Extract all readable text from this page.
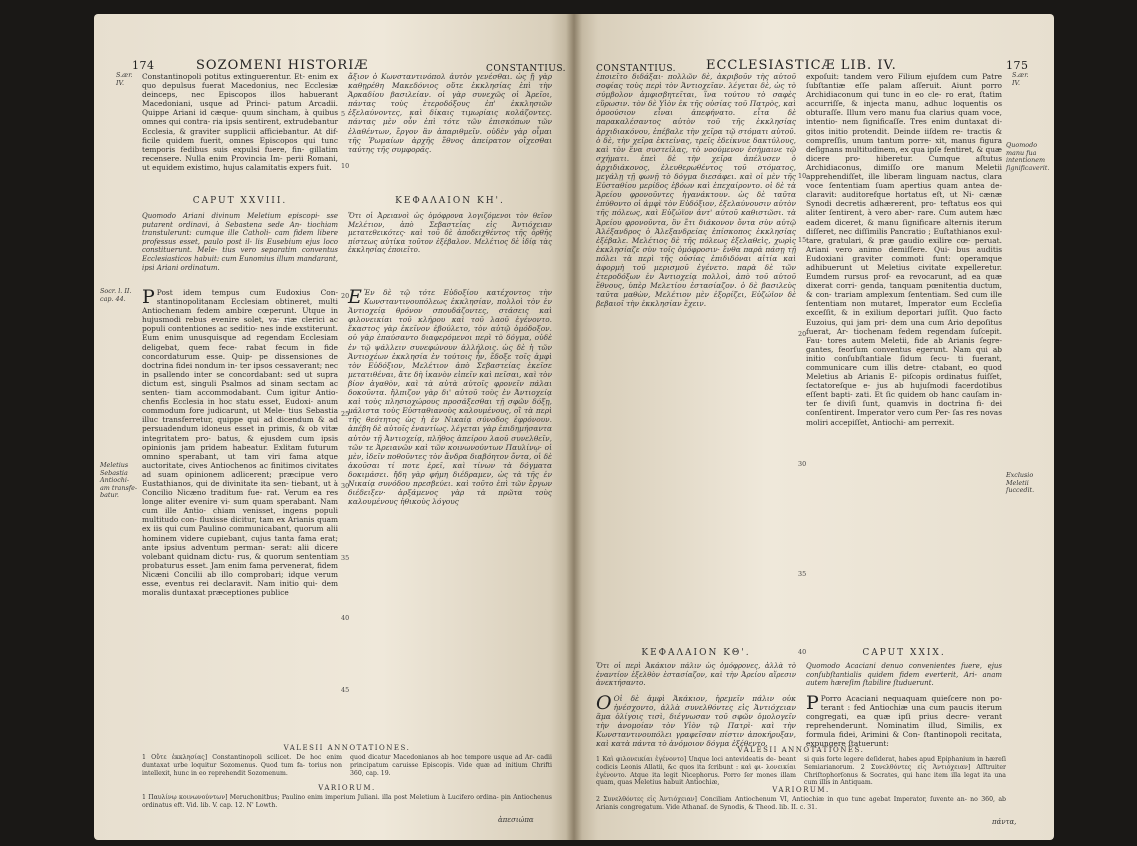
174	SOZOMENI HISTORIÆ	CONSTANTIUS.
S.ær.
IV.
Constantinopoli potitus extinguerentur. Et- enim ex quo depulsus fuerat Macedonius, nec Ecclesiæ deinceps, nec Episcopos illos habuerant Macedoniani, usque ad Princi- patum Arcadii. Quippe Ariani id cæque- quum sincham, à quibus omnes qui contra- ria ipsis sentirent, extrudebantur Ecclesia, & graviter supplicii afficiebantur. At dif- ficile quidem fuerit, omnes Episcopos qui tunc temporis fedibus suis expulsi fuere, fin- gillatim recensere. Nulla enim Provincia Im- perii Romani, ut equidem existimo, hujus calamitatis expers fuit.
ἄξιον ὁ Κωνσταντινόπολ ἀυτὸν γενέσθαι. ὡς ᾔ γὰρ καθῃρέθη Μακεδόνιος οὔτε ἐκκλησίας ἐπὶ τὴν Ἀρκαδίου βασιλείαν. οἱ γὰρ συνεχῶς οἱ Ἀρεῖοι, πάντας τοὺς ἑτεροδόξους ἐπ' ἐκκλησιῶν ἐξελαύνοντες, καὶ δίκαις τιμωρίαις κολάζοντες. πάντας μὲν οὖν ἐπὶ τότε τῶν ἐπισκόπων τῶν ἐλαθέντων, ἔργον ἂν ἀπαριθμεῖν. οὐδὲν γὰρ οἶμαι τῆς Ῥωμαίων ἀρχῆς ἔθνος ἀπείρατον οἴχεσθαι ταύτης τῆς συμφορᾶς.
5
10
CAPUT XXVIII.	ΚΕΦΑΛΑΙΟΝ ΚΗ'.
Quomodo Ariani divinum Meletium episcopi- sse putarent ordinavi, à Sebastena sede An- tiochiam transtulerunt: cumque ille Catholi- cam fidem libere professus esset, paulo post il- lis Eusebium ejus loco constituerunt. Mele- tius vero separatim conventus Ecclesiasticos habuit: cum Eunomius illum mandarant, ipsi Ariani ordinatum.
Ὅτι οἱ Ἀρειανοὶ ὡς ὁμόφρονα λογιζόμενοι τὸν θεῖον Μελέτιον, ἀπὸ Σεβαστείας εἰς Ἀντιόχειαν μετατεθεικότες· καὶ τοῦ δὲ ἀποδειχθέντος τῆς ὀρθῆς πίστεως αὐτίκα τοῦτον ἐξέβαλον. Μελέτιος δὲ ἰδίᾳ τὰς ἐκκλησίας ἐποιεῖτο.
Socr. l. II. cap. 44.
Meletius Sebastia Antiochi- am transfe- batur.
P Post idem tempus cum Eudoxius Con- stantinopolitanam Ecclesiam obtineret, multi Antiochenam fedem ambire cœperunt. Utque in hujusmodi rebus evenire solet, va- riæ clerici ac populi contentiones ac seditio- nes inde exstiterunt. Eum enim unusquisque ad regendam Ecclesiam deligebat, quem fece- rabat fecum in fide concordaturum esse. Quip- pe dissensiones de doctrina fidei nondum in- ter ipsos cessaverant; nec in psallendo inter se concordabant: sed ut supra dictum est, singuli Psalmos ad sinam sectam ac senten- tiam accommodabant. Cum igitur Antio- chenfis Ecclesia in hoc statu esset, Eudoxi- anum commodum fore judicarunt, ut Mele- tius Sebastia illuc transferretur, quippe qui ad dicendum & ad persuadendum idoneus esset in primis, & ob vitæ integritatem pro- batus, & ejusdem cum ipsis opinionis jam pridem habeatur. Exlitam futurum omnino sperabant, ut tam viri fama atque auctoritate, cives Antiochenos ac finitimos civitates ad suam opinionem adlicerent; præcipue vero Eustathianos, qui de divinitate ita sen- tiebant, ut à Concilio Nicæno traditum fue- rat. Verum ea res longe aliter evenire vi- sum quam sperabant. Nam cum ille Antio- chiam venisset, ingens populi multitudo con- fluxisse dicitur, tam ex Arianis quam ex iis qui cum Paulino communicabant, quorum alii hominem videre cupiebant, cujus tanta fama erat; ante ipsius adventum perman- serat: alii dicere volebant quidnam dictu- rus, & quorum sententiam probaturus esset. Jam enim fama pervenerat, fidem Nicæni Concilii ab illo comprobari; idque verum esse, eventus rei declaravit. Nam initio qui- dem moralis duntaxat præceptiones publice
E Ἐν δὲ τῷ τότε Εὐδοξίου κατέχοντος τὴν Κωνσταντινουπόλεως ἐκκλησίαν, πολλοὶ τὸν ἐν Ἀντιοχείᾳ θρόνον σπουδάζοντες, στάσεις καὶ φιλονεικίαι τοῦ κλήρου καὶ τοῦ λαοῦ ἐγένοντο. ἕκαστος γὰρ ἐκεῖνον ἐβούλετο, τὸν αὐτῷ ὁμόδοξον. οὐ γὰρ ἐπαύσαντο διαφερόμενοι περὶ τὸ δόγμα, οὐδὲ ἐν τῷ ψάλλειν συνεφώνουν ἀλλήλοις. ὡς δὲ ἡ τῶν Ἀντιοχέων ἐκκλησία ἐν τούτοις ἦν, ἔδοξε τοῖς ἀμφὶ τὸν Εὐδόξιον, Μελέτιον ἀπὸ Σεβαστείας ἐκεῖσε μετατιθέναι, ἅτε δὴ ἱκανὸν εἰπεῖν καὶ πεῖσαι, καὶ τὸν βίον ἀγαθὸν, καὶ τὰ αὐτὰ αὐτοῖς φρονεῖν πάλαι δοκοῦντα. ἤλπιζον γὰρ δι' αὐτοῦ τοὺς ἐν Ἀντιοχείᾳ καὶ τοὺς πλησιοχώρους προσάξεσθαι τῇ σφῶν δόξῃ, μάλιστα τοὺς Εὐσταθιανοὺς καλουμένους, οἳ τὰ περὶ τῆς θεότητος ὡς ἡ ἐν Νικαίᾳ σύνοδος ἐφρόνουν. ἀπέβη δὲ αὐτοῖς ἐναντίως. λέγεται γὰρ ἐπιδημήσαντα αὐτὸν τῇ Ἀντιοχείᾳ, πλῆθος ἀπείρου λαοῦ συνελθεῖν, τῶν τε Ἀρειανῶν καὶ τῶν κοινωνούντων Παυλίνῳ· οἱ μὲν, ἰδεῖν ποθοῦντες τὸν ἄνδρα διαβόητον ὄντα, οἱ δὲ ἀκοῦσαι τί ποτε ἐρεῖ, καὶ τίνων τὰ δόγματα δοκιμάσει. ἤδη γὰρ φήμη διέδραμεν, ὡς τὰ τῆς ἐν Νικαίᾳ συνόδου πρεσβεύει. καὶ τοῦτο ἐπὶ τῶν ἔργων διέδειξεν· ἀρξάμενος γὰρ τὰ πρῶτα τοὺς καλουμένους ἠθικοὺς λόγους
20
25
30
35
40
45
VALESII ANNOTATIONES.
1 Οὔτε ἐκκλησίας] Constantinopoli scilicet. De hoc enim duntaxat urbe loquitur Sozomenus. Quod tum fa- torius non intellexit, hunc in eo reprehendit Sozomenum.
quod dicatur Macedonianos ab hoc tempore usque ad Ar- cadii principatum caruisse Episcopis. Vide quæ ad initium Chrifti 360, cap. 19.
VARIORUM.
1 Παυλίνῳ κοινωνούντων] Meruchonitbus; Paulino enim imperium Juliani. illa post Meletium à Lucifero ordina- pin Antiochenus ordinatus eft. Vid. lib. V. cap. 12. Ν' Lowth.
ἀπεσιώπα
CONSTANTIUS. ECCLESIASTICÆ LIB. IV.	175
S.ær.
IV.
ἐποιεῖτο διδάξαι· πολλῶν δὲ, ἀκριβοῦν τὴς αὐτοῦ σοφίας τοὺς περὶ τὸν Ἀντιοχεῖαν. λέγεται δὲ, ὡς τὸ σύμβολον ἀμφισβητεῖται, ἵνα τούτου τὸ σαφὲς εὕρωσιν. τὸν δὲ Υἱὸν ἐκ τῆς οὐσίας τοῦ Πατρὸς, καὶ ὁμοούσιον εἶναι ἀπεφήνατο. εἶτα δὲ παρακαλέσαντος αὐτὸν τοῦ τῆς ἐκκλησίας ἀρχιδιακόνου, ἐπέβαλε τὴν χεῖρα τῷ στόματι αὐτοῦ. ὁ δὲ, τὴν χεῖρα ἐκτείνας, τρεῖς ἐδείκνυε δακτύλους, καὶ τὸν ἕνα συστείλας, τὸ νοούμενον ἐσήμαινε τῷ σχήματι. ἐπεὶ δὲ τὴν χεῖρα ἀπέλυσεν ὁ ἀρχιδιάκονος, ἐλευθερωθέντος τοῦ στόματος, μεγάλῃ τῇ φωνῇ τὸ δόγμα διεσάφει. καὶ οἱ μὲν τῆς Εὐσταθίου μερίδος ἐβόων καὶ ἐπεχαίροντο. οἱ δὲ τὰ Ἀρείου φρονοῦντες ἠγανάκτουν. ὡς δὲ ταῦτα ἐπύθοντο οἱ ἀμφὶ τὸν Εὐδόξιον, ἐξελαύνουσιν αὐτὸν τῆς πόλεως, καὶ Εὐζώϊον ἀντ' αὐτοῦ καθιστῶσι. τὰ Ἀρείου φρονοῦντα, ὃν ἔτι διάκονον ὄντα σὺν αὐτῷ Ἀλέξανδρος ὁ Ἀλεξανδρείας ἐπίσκοπος ἐκκλησίας ἐξέβαλε. Μελέτιος δὲ τῆς πόλεως ἐξελαθεὶς, χωρὶς ἐκκλησίαζε σὺν τοῖς ὁμόφροσιν· ἔνθα παρὰ πάσῃ τῇ πόλει τὰ περὶ τῆς οὐσίας ἐπιδιδόναι αἰτία καὶ ἀφορμὴ τοῦ μερισμοῦ ἐγένετο. παρὰ δὲ τῶν ἑτεροδόξων ἐν Ἀντιοχείᾳ πολλοὶ, ἀπὸ τοῦ αὐτοῦ ἔθνους, ὑπὲρ Μελετίου ἐστασίαζον. ὁ δὲ βασιλεὺς ταῦτα μαθὼν, Μελέτιον μὲν ἐξορίζει, Εὐζώϊον δὲ βεβαιοῖ τὴν ἐκκλησίαν ἔχειν.
expoſuit: tandem vero Filium ejuſdem cum Patre ſubſtantiæ eſſe palam aſſeruit. Aiunt porro Archidiaconum qui tunc in eo cle- ro erat, ſtatim accurriſſe, & injecta manu, adhuc loquentis os obturaſſe. Illum vero manu fua clarius quam voce, intentio- nem ſignificaſſe. Tres enim duntaxat di- gitos initio protendit. Deinde iiſdem re- tractis & compreſſis, unum tantum porre- xit, manus figura deſignans multitudinem, ex qua ipſe fentiret, & quæ dicere pro- hiberetur. Cumque aſtutus Archidiaconus, dimiſſo ore manum Meletii apprehendiſſet, ille liberam linguam nactus, clara voce ſententiam ſuam apertius quam antea de- claravit: auditorefque hortatus eſt, ut Ni- cænæ Synodi decretis adhærerent, pro- teftatus eos qui aliter ſentirent, à vero aber- rare. Cum autem hæc eadem diceret, & manu ſignificare alternis iterum diſſeret, nec diſſimilis Pancratio ; Euſtathianos exul- tare, gratulari, & præ gaudio exilire cœ- peruat. Ariani vero animo demiſſere. Qui- bus auditis Eudoxiani graviter commoti funt: operamque adhibuerunt ut Meletius civitate expelleretur. Eumdem rursus prof- ea revocarunt, ad ea quæ dixerat corri- genda, tanquam pœnitentia ductum, & con- trariam amplexum ſententiam. Sed cum ille ſententiam non mutaret, Imperator eum Eccleſia exceſſit, & in exilium deportari juſſit. Quo facto Euzoius, qui jam pri- dem una cum Ario depoſitus fuerat, Ar- tiochenam fedem regendam ſuſcepit. Fau- tores autem Meletii, fide ab Arianis ſegre- gantes, feorſum conventus egerunt. Nam qui ab initio conſubſtantiale ſidum ſecu- ti fuerant, communicare cum illis detre- ctabant, eo quod Meletius ab Arianis E- piſcopis ordinatus fuiſſet, ſectatoreſque e- jus ab hujuſmodi facerdotibus eſſent bapti- zati. Et ſic quidem ob hanc cauſam in- ter ſe diviſi ſunt, quamvis in doctrina fi- dei conſentirent. Imperator vero cum Per- ſas res novas moliri accepiſſet, Antiochi- am perrexit.
10
15
20
30
35
Quomodo manu fua intentionem ſignificaverit.
Exclusio Meletii ſuccedit.
ΚΕΦΑΛΑΙΟΝ ΚΘ'.	CAPUT XXIX.
40
Ὅτι οἱ περὶ Ἀκάκιον πάλιν ὡς ὁμόφρονες, ἀλλὰ τὸ ἐναντίον ἐξελθὸν ἐστασίαζον, καὶ τὴν Ἀρείου αἵρεσιν ἀνεκτήσαντο.
Quomodo Acaciani denuo convenientes fuere, ejus conſubſtantialis quidem fidem everterit, Ari- anam autem hæreſim ſtabilire ſtuduerunt.
O Οἱ δὲ ἀμφὶ Ἀκάκιον, ἠρεμεῖν πάλιν οὐκ ἠνέσχοντο, ἀλλὰ συνελθόντες εἰς Ἀντιόχειαν ἅμα ὀλίγοις τισὶ, διέγνωσαν τοῦ σφῶν ὁμολογεῖν τὴν ἀνομοίαν τὸν Υἱὸν τῷ Πατρὶ· καὶ τὴν Κωνσταντινουπόλει γραφεῖσαν πίστιν ἀποκήρυξαν, καὶ κατὰ πάντα τὸ ἀνόμοιον δόγμα ἐξέθεντο.
P Porro Acaciani nequaquam quieſcere non po- terant : fed Antiochiæ una cum paucis iterum congregati, ea quæ ipſi prius decre- verant reprehenderunt. Nominatim illud, Similis, ex formula fidei, Arimini & Con- ſtantinopoli recitata, expungere ſtatuerunt:
VALESII ANNOTATIONES.
1 Καὶ φιλονεικίαι ἐγένοντο] Unque loci antevideatis de- beant codicis Leonis Allatii, &c quos ita ſcribunt : καὶ φι- λονεικίαι ἐγένοντο. Atque ita legit Nicephorus. Porro ſer mones illam quam, quas Meletius habuit Antiochiæ,
si quis forte legere deſiderat, habes apud Epiphanium in hæreſi Semiarianorum. 2 Συνελθόντες εἰς Ἀντιόχειαν] Aſſtruiter Chriſtophorſonus & Socrates, qui hanc item illa legat ita una cum illis in Antiquam.
VARIORUM.
2 Συνελθόντες εἰς Ἀντιόχειαν] Conciliam Antiochenum VI, Antiochiæ in quo tunc agebat Imperator, ſuvente an- no 360, ab Arianis congregatum. Vide Athanaſ. de Synodis, & Theod. lib. II. c. 31.
πάντα,
